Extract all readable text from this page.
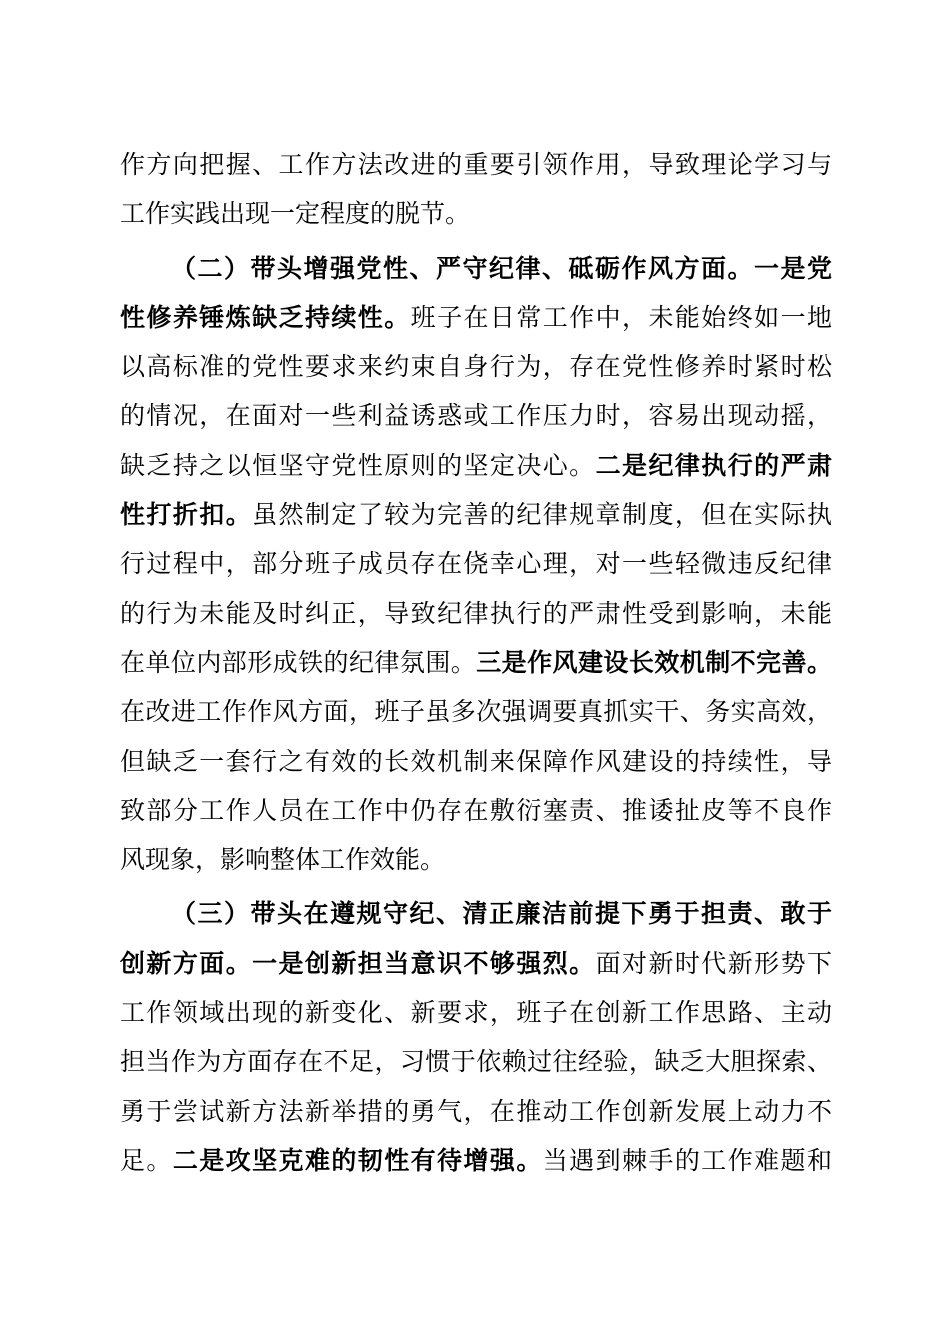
作方向把握、工作方法改进的重要引领作用，导致理论学习与
工作实践出现一定程度的脱节。
（二）带头增强党性、严守纪律、砥砺作风方面。一是党
性修养锤炼缺乏持续性。班子在日常工作中，未能始终如一地
以高标准的党性要求来约束自身行为，存在党性修养时紧时松
的情况，在面对一些利益诱惑或工作压力时，容易出现动摇，
缺乏持之以恒坚守党性原则的坚定决心。二是纪律执行的严肃
性打折扣。虽然制定了较为完善的纪律规章制度，但在实际执
行过程中，部分班子成员存在侥幸心理，对一些轻微违反纪律
的行为未能及时纠正，导致纪律执行的严肃性受到影响，未能
在单位内部形成铁的纪律氛围。三是作风建设长效机制不完善。
在改进工作作风方面，班子虽多次强调要真抓实干、务实高效，
但缺乏一套行之有效的长效机制来保障作风建设的持续性，导
致部分工作人员在工作中仍存在敷衍塞责、推诿扯皮等不良作
风现象，影响整体工作效能。
（三）带头在遵规守纪、清正廉洁前提下勇于担责、敢于
创新方面。一是创新担当意识不够强烈。面对新时代新形势下
工作领域出现的新变化、新要求，班子在创新工作思路、主动
担当作为方面存在不足，习惯于依赖过往经验，缺乏大胆探索、
勇于尝试新方法新举措的勇气，在推动工作创新发展上动力不
足。二是攻坚克难的韧性有待增强。当遇到棘手的工作难题和
